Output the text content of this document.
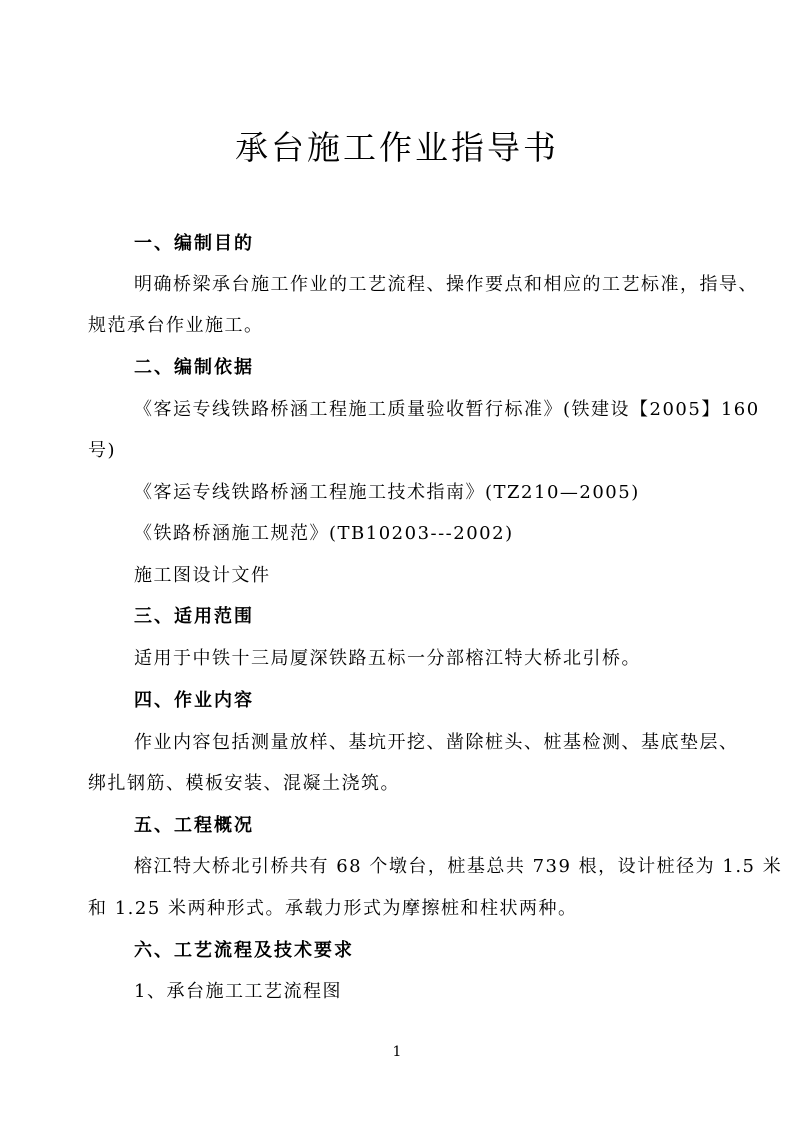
承台施工作业指导书
一、编制目的
明确桥梁承台施工作业的工艺流程、操作要点和相应的工艺标准，指导、
规范承台作业施工。
二、编制依据
《客运专线铁路桥涵工程施工质量验收暂行标准》(铁建设【2005】160
号)
《客运专线铁路桥涵工程施工技术指南》(TZ210—2005)
《铁路桥涵施工规范》(TB10203---2002)
施工图设计文件
三、适用范围
适用于中铁十三局厦深铁路五标一分部榕江特大桥北引桥。
四、作业内容
作业内容包括测量放样、基坑开挖、凿除桩头、桩基检测、基底垫层、
绑扎钢筋、模板安装、混凝土浇筑。
五、工程概况
榕江特大桥北引桥共有 68 个墩台，桩基总共 739 根，设计桩径为 1.5 米
和 1.25 米两种形式。承载力形式为摩擦桩和柱状两种。
六、工艺流程及技术要求
1、承台施工工艺流程图
1
